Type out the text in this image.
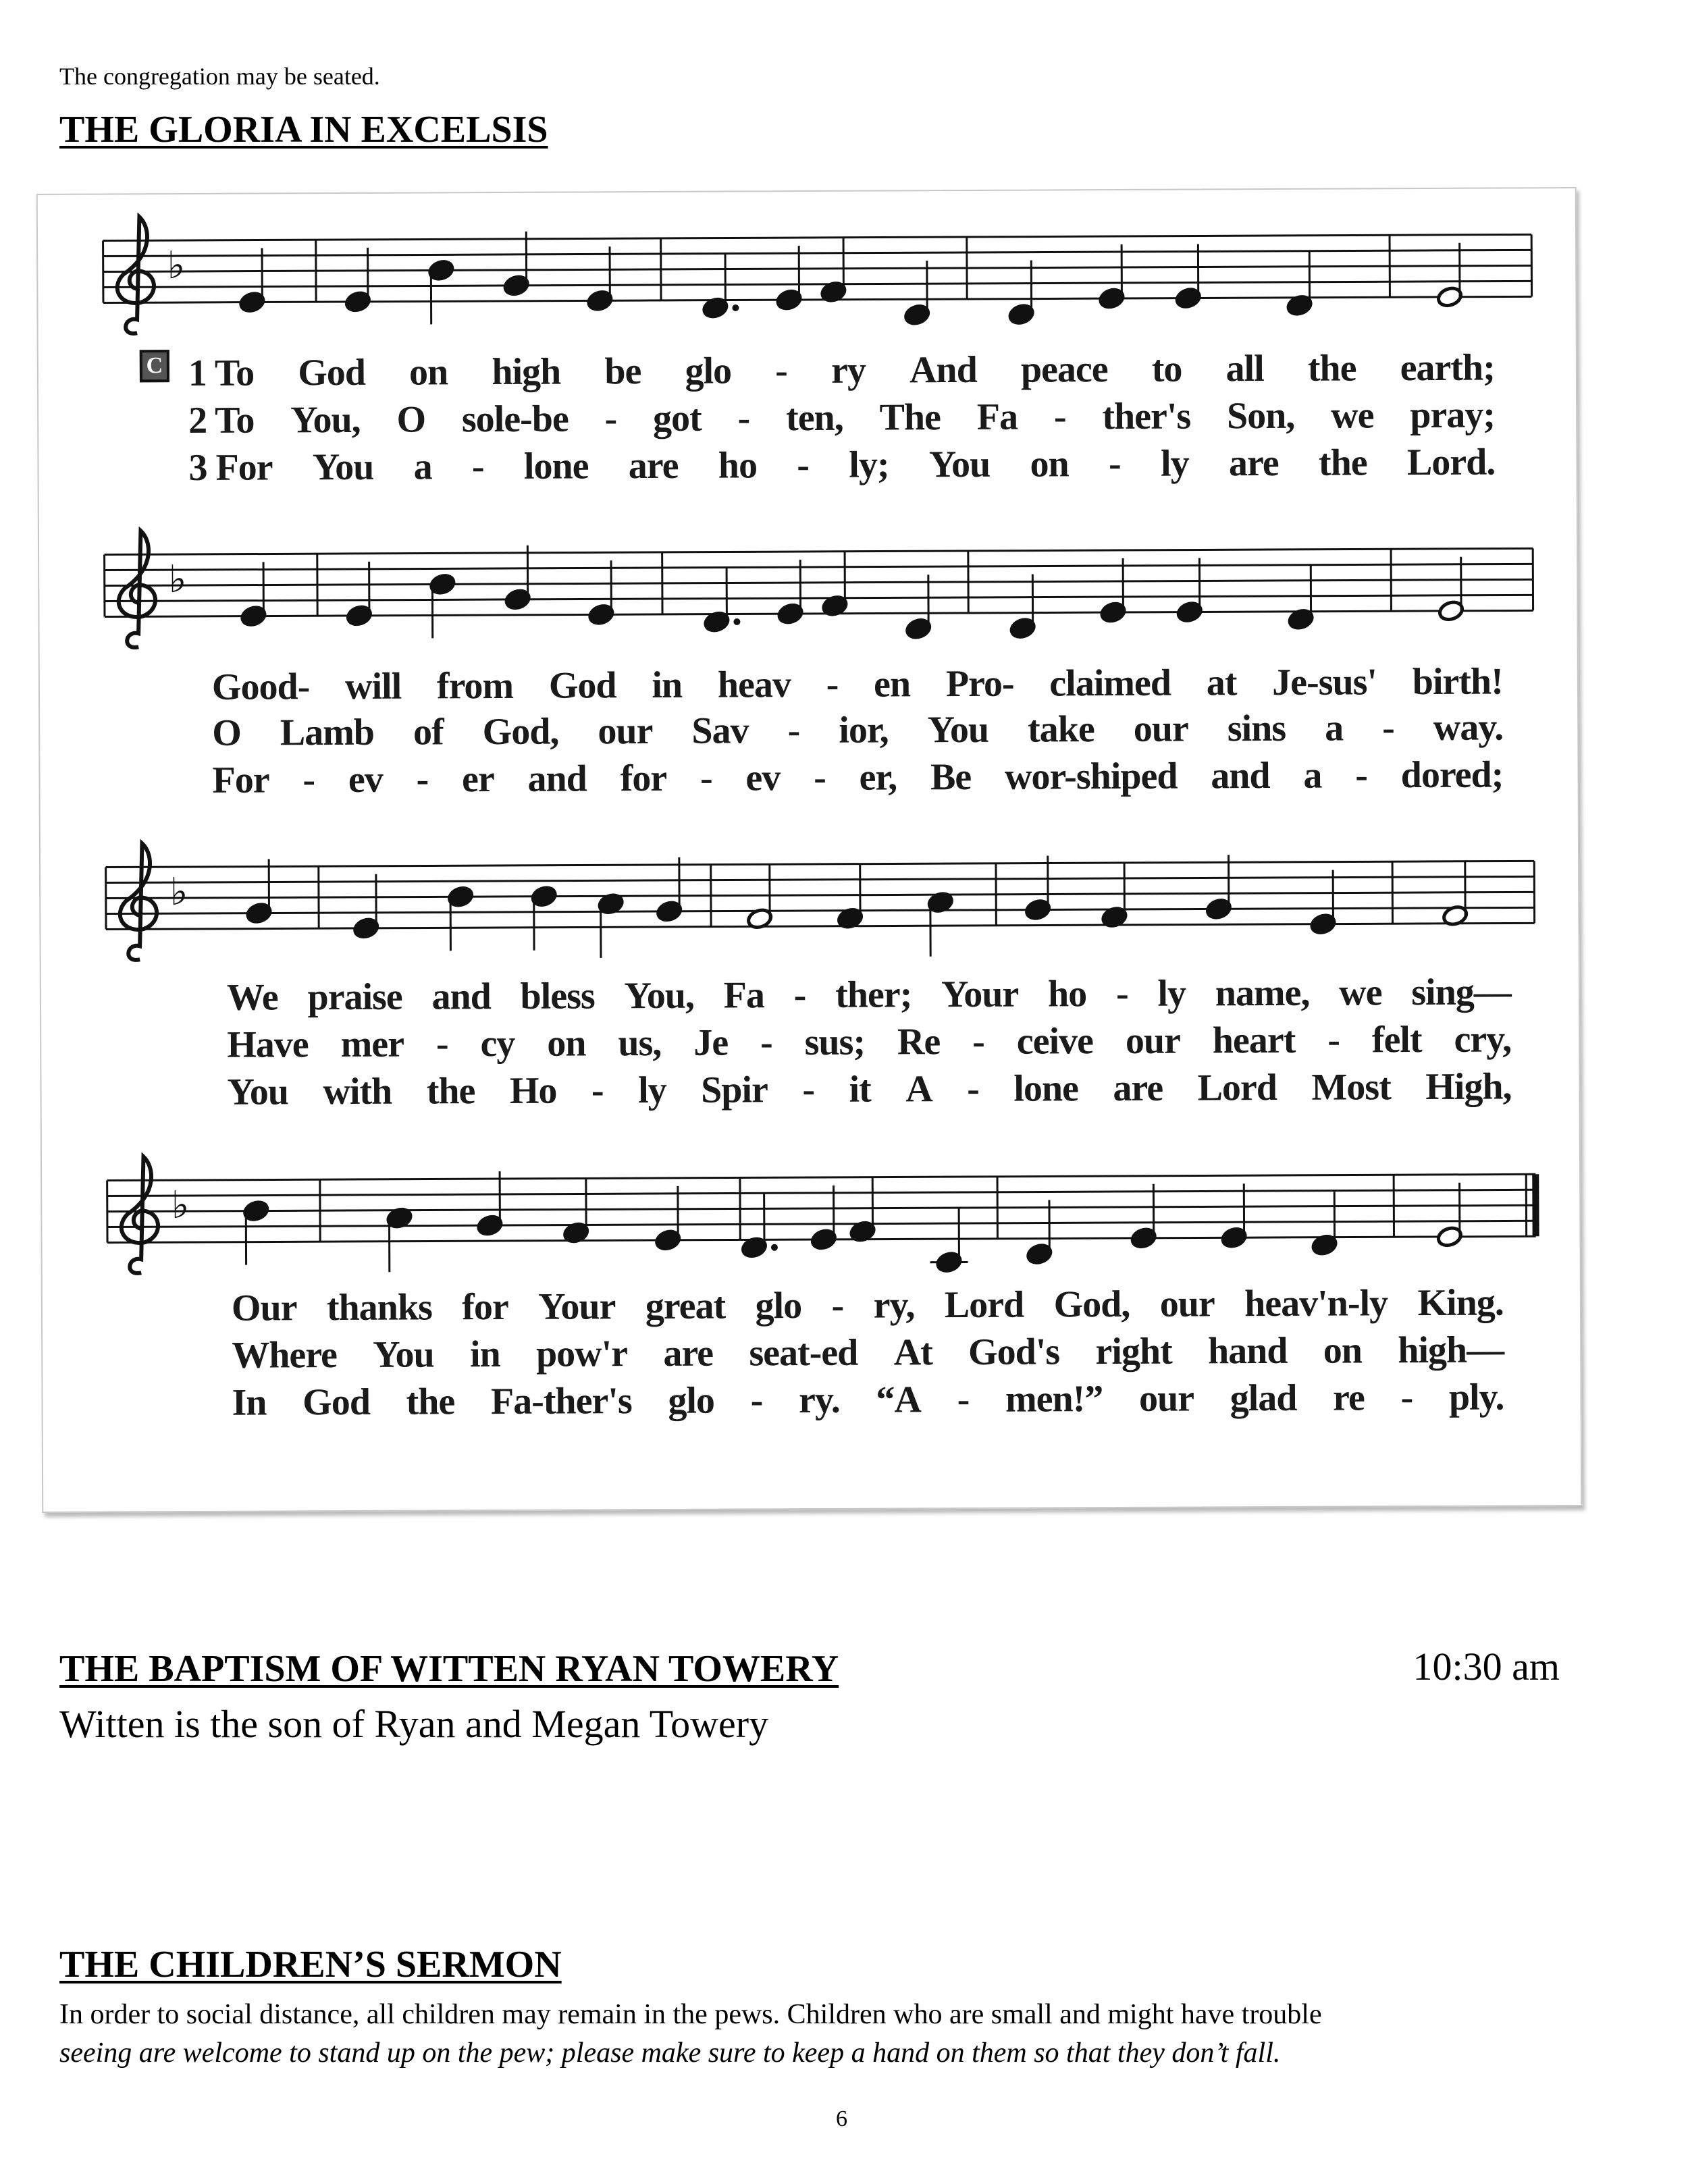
The congregation may be seated.
THE GLORIA IN EXCELSIS
♭
♭
♭
♭
C 1 To God on high be glo - ry And peace to all the earth;
2 To You, O sole-be - got - ten, The Fa - ther's Son, we pray;
3 For You a - lone are ho - ly; You on - ly are the Lord.
Good- will from God in heav - en Pro- claimed at Je-sus' birth!
O Lamb of God, our Sav - ior, You take our sins a - way.
For - ev - er and for - ev - er, Be wor-shiped and a - dored;
We praise and bless You, Fa - ther; Your ho - ly name, we sing—
Have mer - cy on us, Je - sus; Re - ceive our heart - felt cry,
You with the Ho - ly Spir - it A - lone are Lord Most High,
Our thanks for Your great glo - ry, Lord God, our heav'n-ly King.
Where You in pow'r are seat-ed At God's right hand on high—
In God the Fa-ther's glo - ry. “A - men!” our glad re - ply.
THE BAPTISM OF WITTEN RYAN TOWERY	10:30 am
Witten is the son of Ryan and Megan Towery
THE CHILDREN’S SERMON
In order to social distance, all children may remain in the pews. Children who are small and might have trouble
seeing are welcome to stand up on the pew; please make sure to keep a hand on them so that they don’t fall.
6
